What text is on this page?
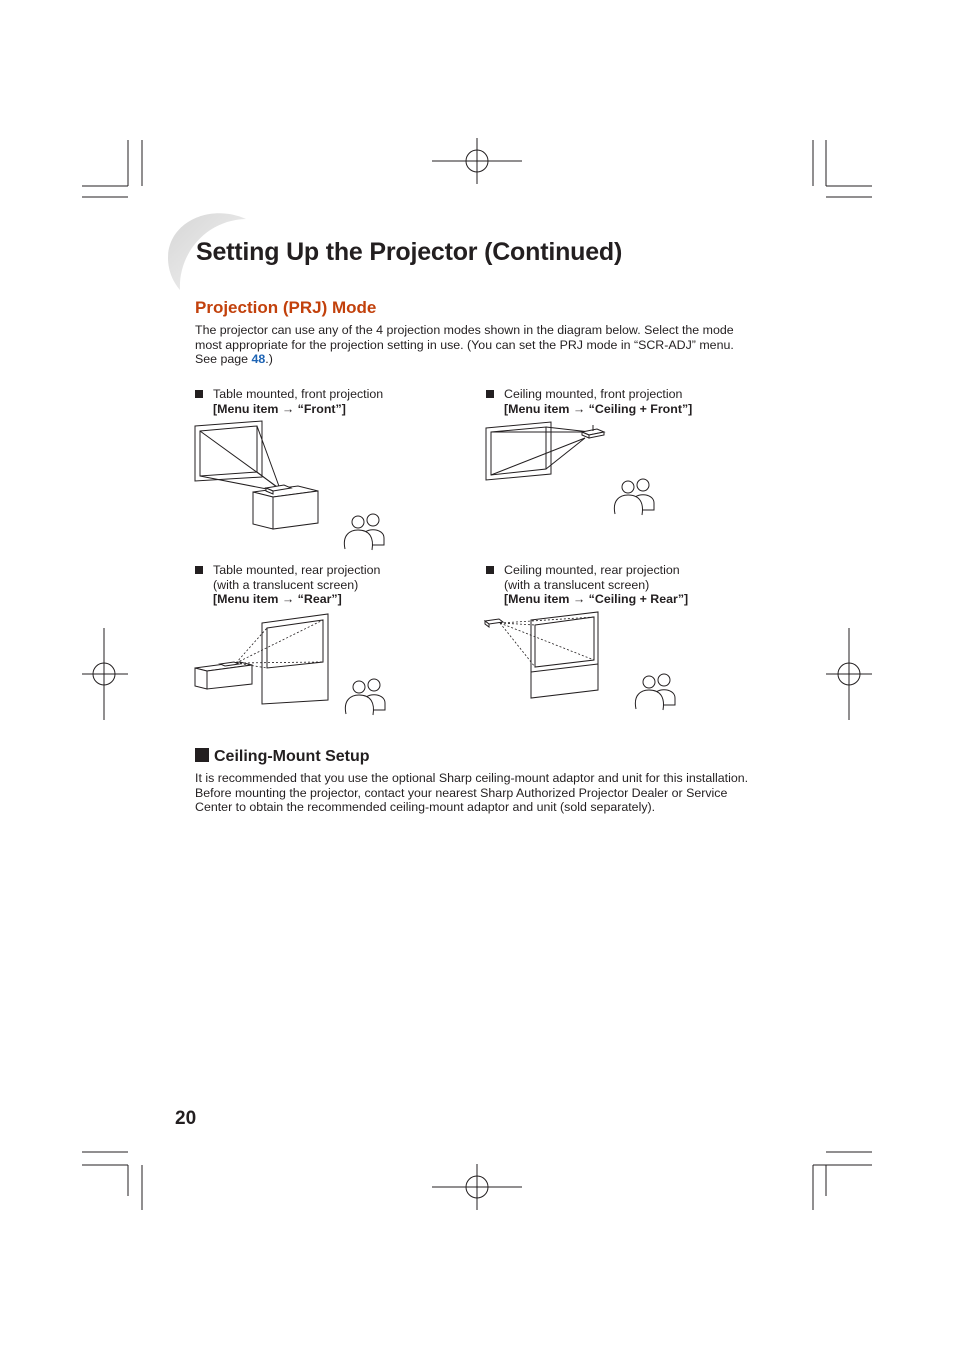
Setting Up the Projector (Continued)
Projection (PRJ) Mode

The projector can use any of the 4 projection modes shown in the diagram below. Select the mode most appropriate for the projection setting in use. (You can set the PRJ mode in “SCR-ADJ” menu. See page 48.)

Table mounted, front projection
[Menu item → “Front”]
Ceiling mounted, front projection
[Menu item → “Ceiling + Front”]
Table mounted, rear projection
(with a translucent screen)
[Menu item → “Rear”]
Ceiling mounted, rear projection
(with a translucent screen)
[Menu item → “Ceiling + Rear”]
Ceiling-Mount Setup

It is recommended that you use the optional Sharp ceiling-mount adaptor and unit for this installation. Before mounting the projector, contact your nearest Sharp Authorized Projector Dealer or Service Center to obtain the recommended ceiling-mount adaptor and unit (sold separately).

20
